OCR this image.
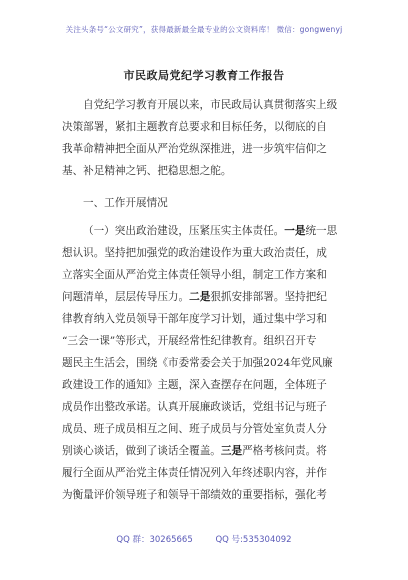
关注头条号“公文研究”，获得最新最全最专业的公文资料库！ 微信：gongwenyj
市民政局党纪学习教育工作报告
自党纪学习教育开展以来，市民政局认真贯彻落实上级
决策部署，紧扣主题教育总要求和目标任务，以彻底的自
我革命精神把全面从严治党纵深推进，进一步筑牢信仰之
基、补足精神之钙、把稳思想之舵。
一、工作开展情况
（一）突出政治建设，压紧压实主体责任。一是统一思
想认识。坚持把加强党的政治建设作为重大政治责任，成
立落实全面从严治党主体责任领导小组，制定工作方案和
问题清单，层层传导压力。二是狠抓安排部署。坚持把纪
律教育纳入党员领导干部年度学习计划，通过集中学习和
“三会一课”等形式，开展经常性纪律教育。组织召开专
题民主生活会，围绕《市委常委会关于加强2024年党风廉
政建设工作的通知》主题，深入查摆存在问题，全体班子
成员作出整改承诺。认真开展廉政谈话，党组书记与班子
成员、班子成员相互之间、班子成员与分管处室负责人分
别谈心谈话，做到了谈话全覆盖。三是严格考核问责。将
履行全面从严治党主体责任情况列入年终述职内容，并作
为衡量评价领导班子和领导干部绩效的重要指标，强化考
QQ 群：30265665	QQ 号:535304092
